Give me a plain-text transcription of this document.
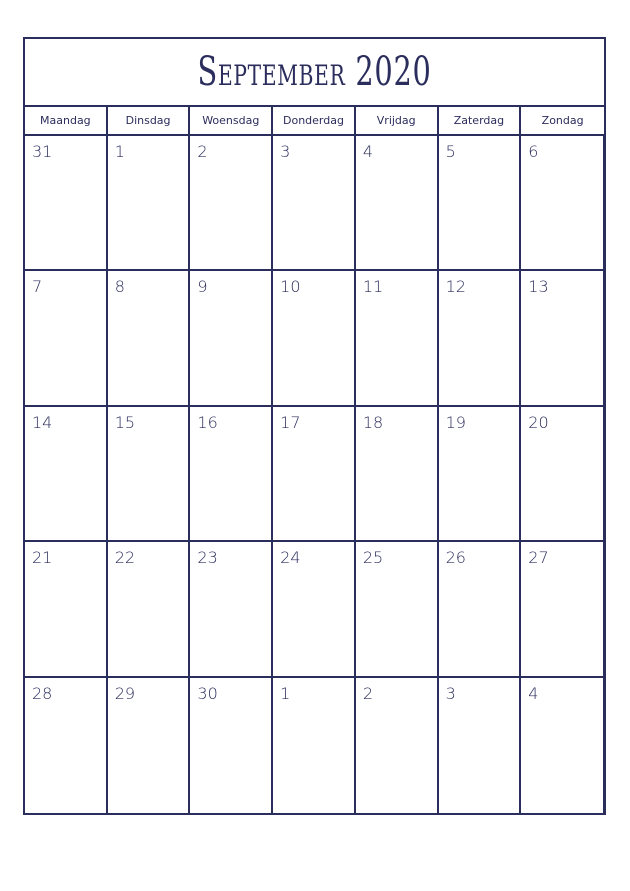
September 2020
Maandag	Dinsdag	Woensdag	Donderdag	Vrijdag	Zaterdag	Zondag
31	1	2	3	4	5	6
7	8	9	10	11	12	13
14	15	16	17	18	19	20
21	22	23	24	25	26	27
28	29	30	1	2	3	4
